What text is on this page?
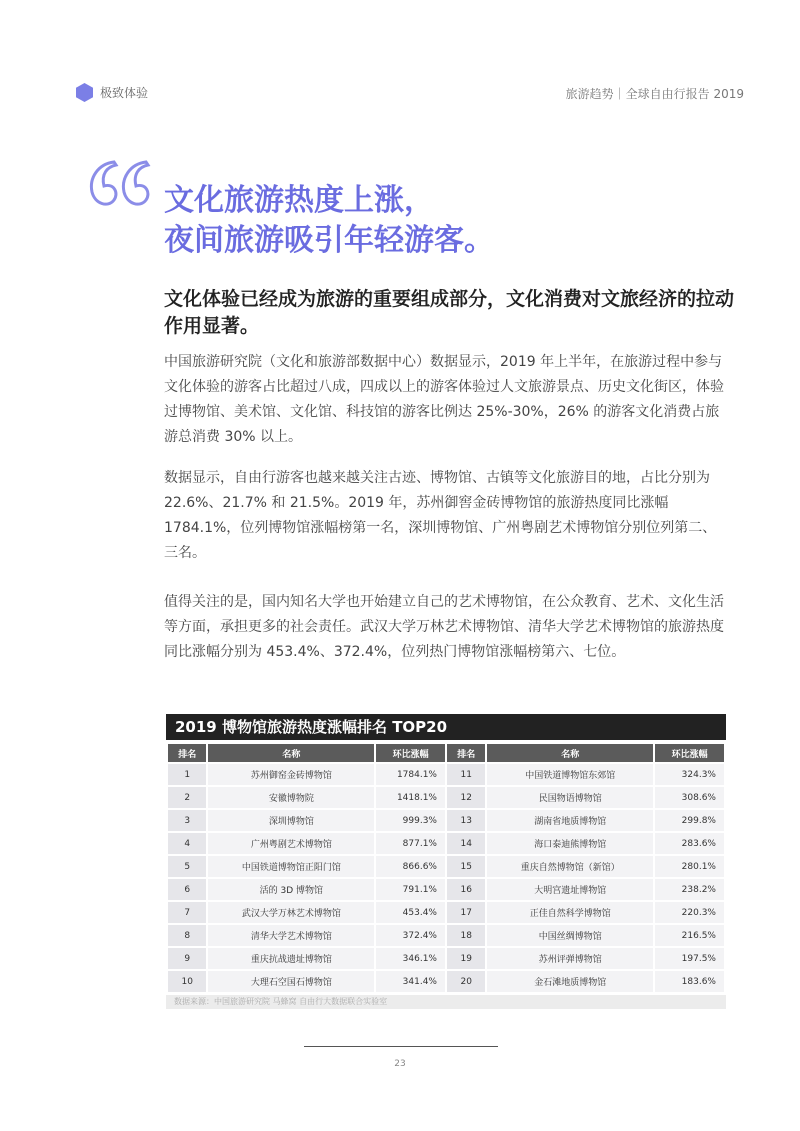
极致体验	旅游趋势｜全球自由行报告 2019
文化旅游热度上涨，
夜间旅游吸引年轻游客。

文化体验已经成为旅游的重要组成部分，文化消费对文旅经济的拉动作用显著。

中国旅游研究院（文化和旅游部数据中心）数据显示，2019 年上半年，在旅游过程中参与文化体验的游客占比超过八成，四成以上的游客体验过人文旅游景点、历史文化街区，体验过博物馆、美术馆、文化馆、科技馆的游客比例达 25%-30%，26% 的游客文化消费占旅游总消费 30% 以上。

数据显示，自由行游客也越来越关注古迹、博物馆、古镇等文化旅游目的地，占比分别为 22.6%、21.7% 和 21.5%。2019 年，苏州御窖金砖博物馆的旅游热度同比涨幅 1784.1%，位列博物馆涨幅榜第一名，深圳博物馆、广州粤剧艺术博物馆分别位列第二、三名。

值得关注的是，国内知名大学也开始建立自己的艺术博物馆，在公众教育、艺术、文化生活等方面，承担更多的社会责任。武汉大学万林艺术博物馆、清华大学艺术博物馆的旅游热度同比涨幅分别为 453.4%、372.4%，位列热门博物馆涨幅榜第六、七位。

2019 博物馆旅游热度涨幅排名 TOP20
排名	名称	环比涨幅	排名	名称	环比涨幅
1	苏州御窑金砖博物馆	1784.1%	11	中国铁道博物馆东郊馆	324.3%
2	安徽博物院	1418.1%	12	民国物语博物馆	308.6%
3	深圳博物馆	999.3%	13	湖南省地质博物馆	299.8%
4	广州粤剧艺术博物馆	877.1%	14	海口泰迪熊博物馆	283.6%
5	中国铁道博物馆正阳门馆	866.6%	15	重庆自然博物馆（新馆）	280.1%
6	活的 3D 博物馆	791.1%	16	大明宫遗址博物馆	238.2%
7	武汉大学万林艺术博物馆	453.4%	17	正佳自然科学博物馆	220.3%
8	清华大学艺术博物馆	372.4%	18	中国丝绸博物馆	216.5%
9	重庆抗战遗址博物馆	346.1%	19	苏州评弹博物馆	197.5%
10	大理石空国石博物馆	341.4%	20	金石滩地质博物馆	183.6%
数据来源：中国旅游研究院 马蜂窝 自由行大数据联合实验室
23
